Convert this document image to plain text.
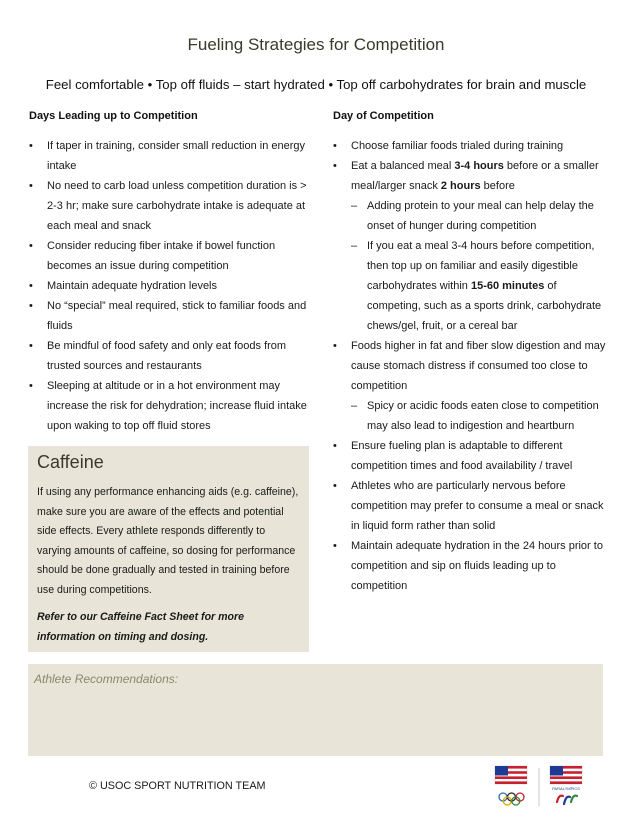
Fueling Strategies for Competition
Feel comfortable • Top off fluids – start hydrated • Top off carbohydrates for brain and muscle
Days Leading up to Competition
• If taper in training, consider small reduction in energy intake
• No need to carb load unless competition duration is > 2-3 hr; make sure carbohydrate intake is adequate at each meal and snack
• Consider reducing fiber intake if bowel function becomes an issue during competition
• Maintain adequate hydration levels
• No “special” meal required, stick to familiar foods and fluids
• Be mindful of food safety and only eat foods from trusted sources and restaurants
• Sleeping at altitude or in a hot environment may increase the risk for dehydration; increase fluid intake upon waking to top off fluid stores
Caffeine

If using any performance enhancing aids (e.g. caffeine), make sure you are aware of the effects and potential side effects. Every athlete responds differently to varying amounts of caffeine, so dosing for performance should be done gradually and tested in training before use during competitions.

Refer to our Caffeine Fact Sheet for more information on timing and dosing.

Day of Competition
• Choose familiar foods trialed during training
• Eat a balanced meal 3-4 hours before or a smaller meal/larger snack 2 hours before
– Adding protein to your meal can help delay the onset of hunger during competition
– If you eat a meal 3-4 hours before competition, then top up on familiar and easily digestible carbohydrates within 15-60 minutes of competing, such as a sports drink, carbohydrate chews/gel, fruit, or a cereal bar
• Foods higher in fat and fiber slow digestion and may cause stomach distress if consumed too close to competition
– Spicy or acidic foods eaten close to competition may also lead to indigestion and heartburn
• Ensure fueling plan is adaptable to different competition times and food availability / travel
• Athletes who are particularly nervous before competition may prefer to consume a meal or snack in liquid form rather than solid
• Maintain adequate hydration in the 24 hours prior to competition and sip on fluids leading up to competition
Athlete Recommendations:
© USOC SPORT NUTRITION TEAM	PARALYMPICS
